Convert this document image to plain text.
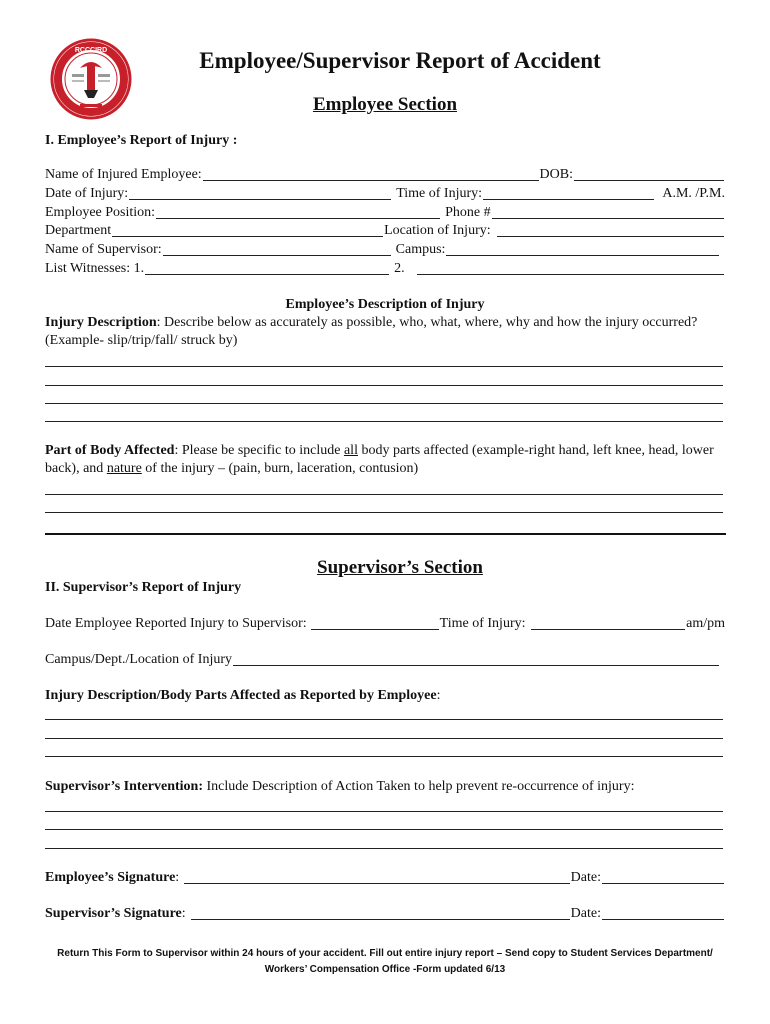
RCCCIRD	Employee/Supervisor Report of Accident
Employee Section
I. Employee’s Report of Injury :
Name of Injured Employee:	DOB:
Date of Injury:	Time of Injury:	A.M. /P.M.
Employee Position:	Phone #
Department	Location of Injury:
Name of Supervisor:	Campus:
List Witnesses: 1.	2.
Employee’s Description of Injury
Injury Description: Describe below as accurately as possible, who, what, where, why and how the injury occurred? (Example- slip/trip/fall/ struck by)
Part of Body Affected: Please be specific to include all body parts affected (example-right hand, left knee, head, lower back), and nature of the injury – (pain, burn, laceration, contusion)
Supervisor’s Section
II. Supervisor’s Report of Injury
Date Employee Reported Injury to Supervisor:	Time of Injury:	am/pm
Campus/Dept./Location of Injury
Injury Description/Body Parts Affected as Reported by Employee:
Supervisor’s Intervention: Include Description of Action Taken to help prevent re-occurrence of injury:
Employee’s Signature :	Date:
Supervisor’s Signature :	Date:
Return This Form to Supervisor within 24 hours of your accident. Fill out entire injury report – Send copy to Student Services Department/
Workers’ Compensation Office -Form updated 6/13
